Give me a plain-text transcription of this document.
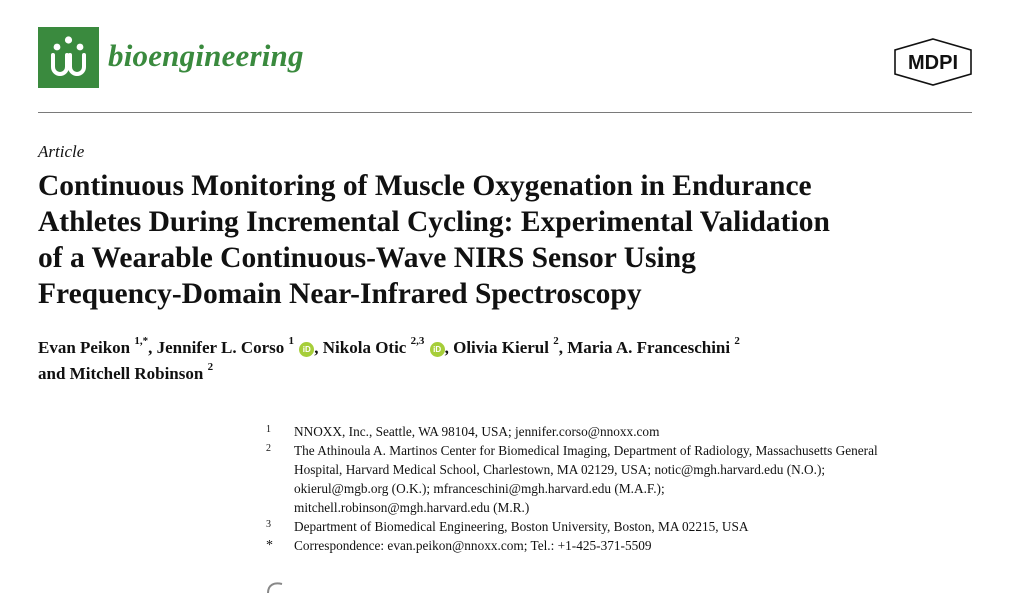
bioengineering	MDPI
Article
Continuous Monitoring of Muscle Oxygenation in Endurance
Athletes During Incremental Cycling: Experimental Validation
of a Wearable Continuous-Wave NIRS Sensor Using
Frequency-Domain Near-Infrared Spectroscopy
Evan Peikon $^{1,*}$, Jennifer L. Corso $^1$ iD , Nikola Otic $^{2,3}$ iD , Olivia Kierul $^2$, Maria A. Franceschini $^2$
and Mitchell Robinson $^2$
1 NNOXX, Inc., Seattle, WA 98104, USA; jennifer.corso@nnoxx.com
2 The Athinoula A. Martinos Center for Biomedical Imaging, Department of Radiology, Massachusetts General
Hospital, Harvard Medical School, Charlestown, MA 02129, USA; notic@mgh.harvard.edu (N.O.);
okierul@mgb.org (O.K.); mfranceschini@mgh.harvard.edu (M.A.F.);
mitchell.robinson@mgh.harvard.edu (M.R.)
3 Department of Biomedical Engineering, Boston University, Boston, MA 02215, USA
* Correspondence: evan.peikon@nnoxx.com; Tel.: +1-425-371-5509
